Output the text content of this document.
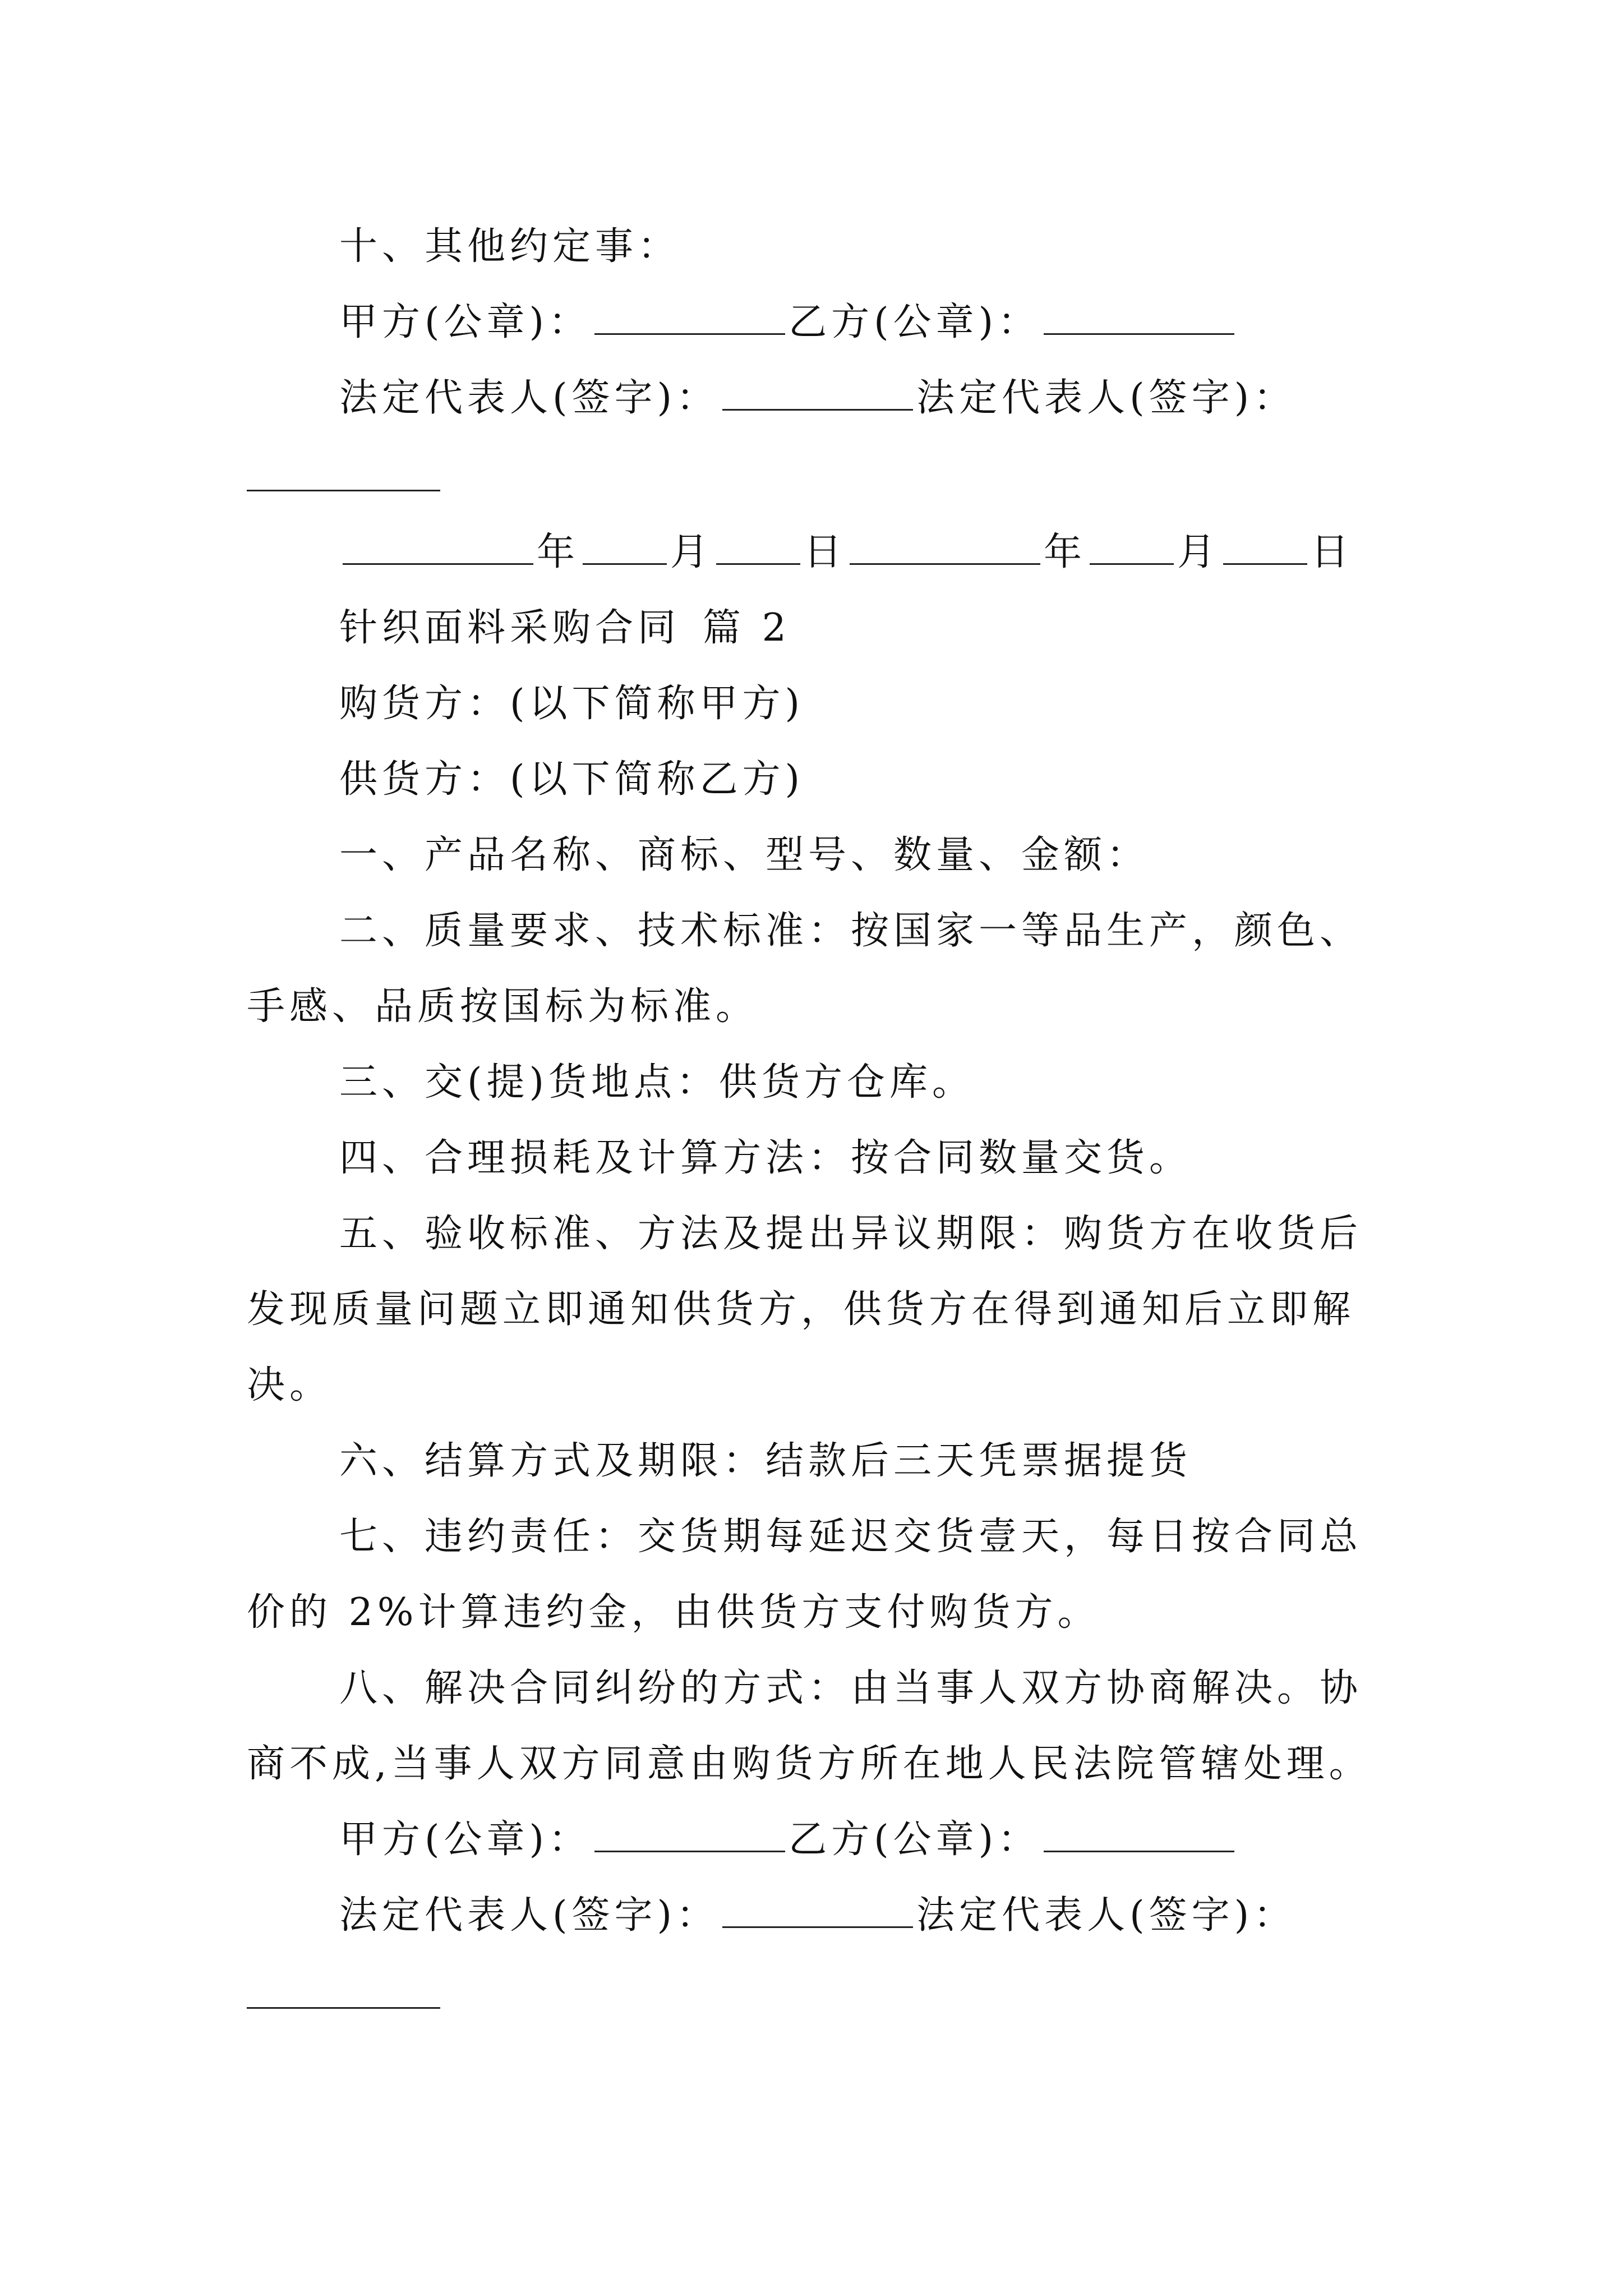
十、其他约定事：
甲方(公章)：	乙方(公章)：
法定代表人(签字)：	法定代表人(签字)：
年 月 日	年 月 日
针织面料采购合同 篇 2
购货方：(以下简称甲方)
供货方：(以下简称乙方)
一、产品名称、商标、型号、数量、金额：
二、质量要求、技术标准：按国家一等品生产，颜色、
手感、品质按国标为标准。
三、交(提)货地点：供货方仓库。
四、合理损耗及计算方法：按合同数量交货。
五、验收标准、方法及提出异议期限：购货方在收货后
发现质量问题立即通知供货方，供货方在得到通知后立即解
决。
六、结算方式及期限：结款后三天凭票据提货
七、违约责任：交货期每延迟交货壹天，每日按合同总
价的 2%计算违约金，由供货方支付购货方。
八、解决合同纠纷的方式：由当事人双方协商解决。协
商不成,当事人双方同意由购货方所在地人民法院管辖处理。
甲方(公章)：	乙方(公章)：
法定代表人(签字)：	法定代表人(签字)：
